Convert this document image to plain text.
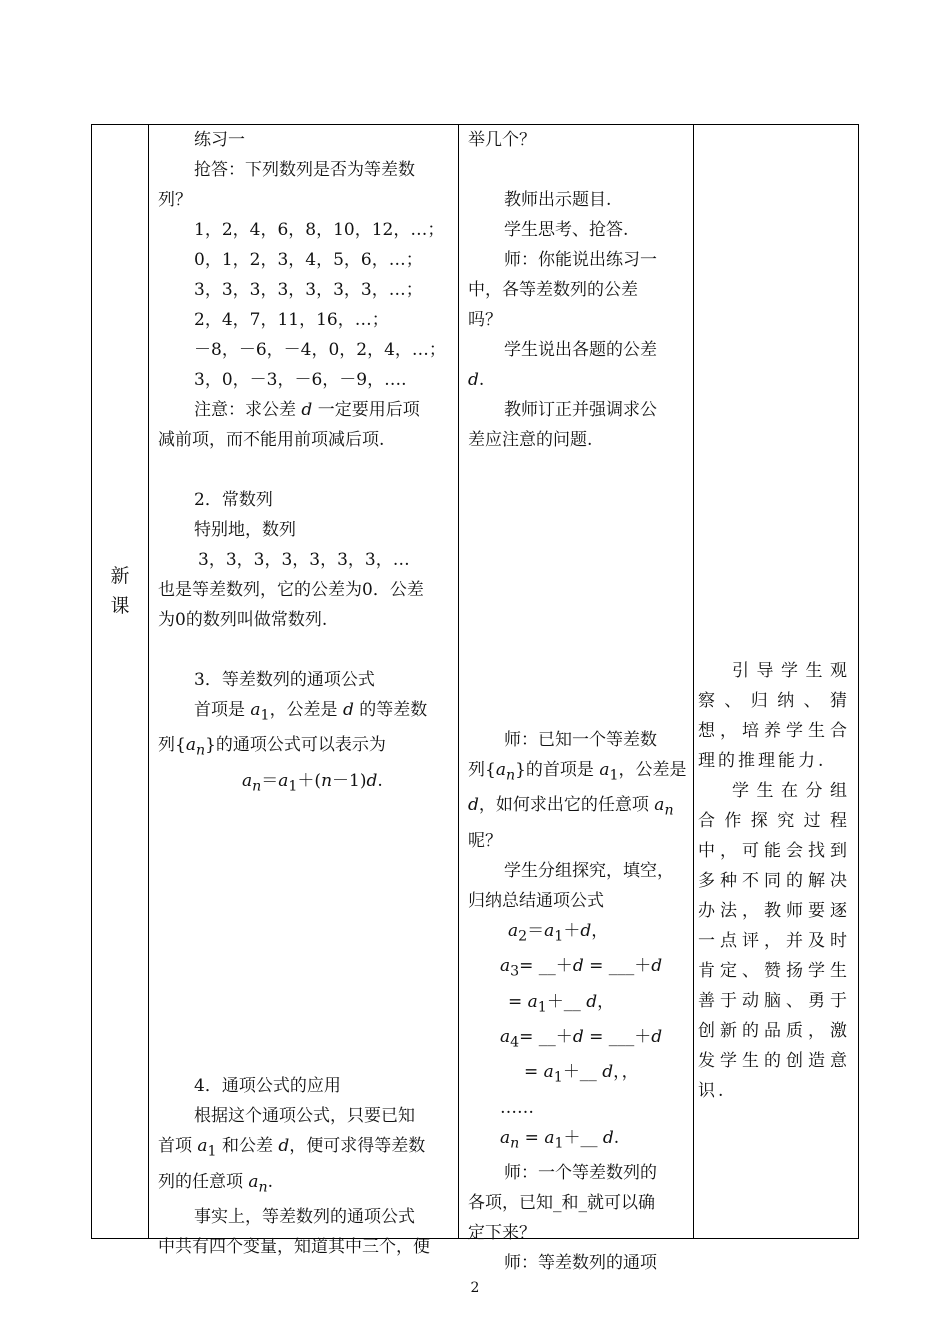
新课

练习一

抢答：下列数列是否为等差数

列？

1，2，4，6，8，10，12，…；

0，1，2，3，4，5，6，…；

3，3，3，3，3，3，3，…；

2，4，7，11，16，…；

－8，－6，－4，0，2，4，…；

3，0，－3，－6，－9，….

注意：求公差 d 一定要用后项

减前项，而不能用前项减后项.

2．常数列

特别地，数列

3，3，3，3，3，3，3，…

也是等差数列，它的公差为0．公差

为0的数列叫做常数列.

3．等差数列的通项公式

首项是 $a_1$，公差是 d 的等差数

列$\{a_n\}$的通项公式可以表示为

$a_n=a_1+(n-1)d$.

4．通项公式的应用

根据这个通项公式，只要已知

首项 $a_1$ 和公差 d，便可求得等差数

列的任意项 $a_n$.

事实上，等差数列的通项公式

中共有四个变量，知道其中三个，便

举几个？

教师出示题目.

学生思考、抢答.

师：你能说出练习一

中，各等差数列的公差

吗？

学生说出各题的公差

d.

教师订正并强调求公

差应注意的问题.

师：已知一个等差数

列$\{a_n\}$的首项是 $a_1$，公差是

d，如何求出它的任意项 $a_n$

呢？

学生分组探究，填空，

归纳总结通项公式

$a_2=a_1+d$，

$a_3=$ __＋d = ___＋d

= $a_1+\_\_$ d，

$a_4=$ __＋d = ___＋d

= $a_1+\_\_$ d，，

……

$a_n$ = $a_1+\_\_$ d.

师：一个等差数列的

各项，已知_和_就可以确

定下来？

师：等差数列的通项

引导学生观察、归纳、猜想，培养学生合理的推理能力.

学生在分组合作探究过程中，可能会找到多种不同的解决办法，教师要逐一点评，并及时肯定、赞扬学生善于动脑、勇于创新的品质，激发学生的创造意识.

2
